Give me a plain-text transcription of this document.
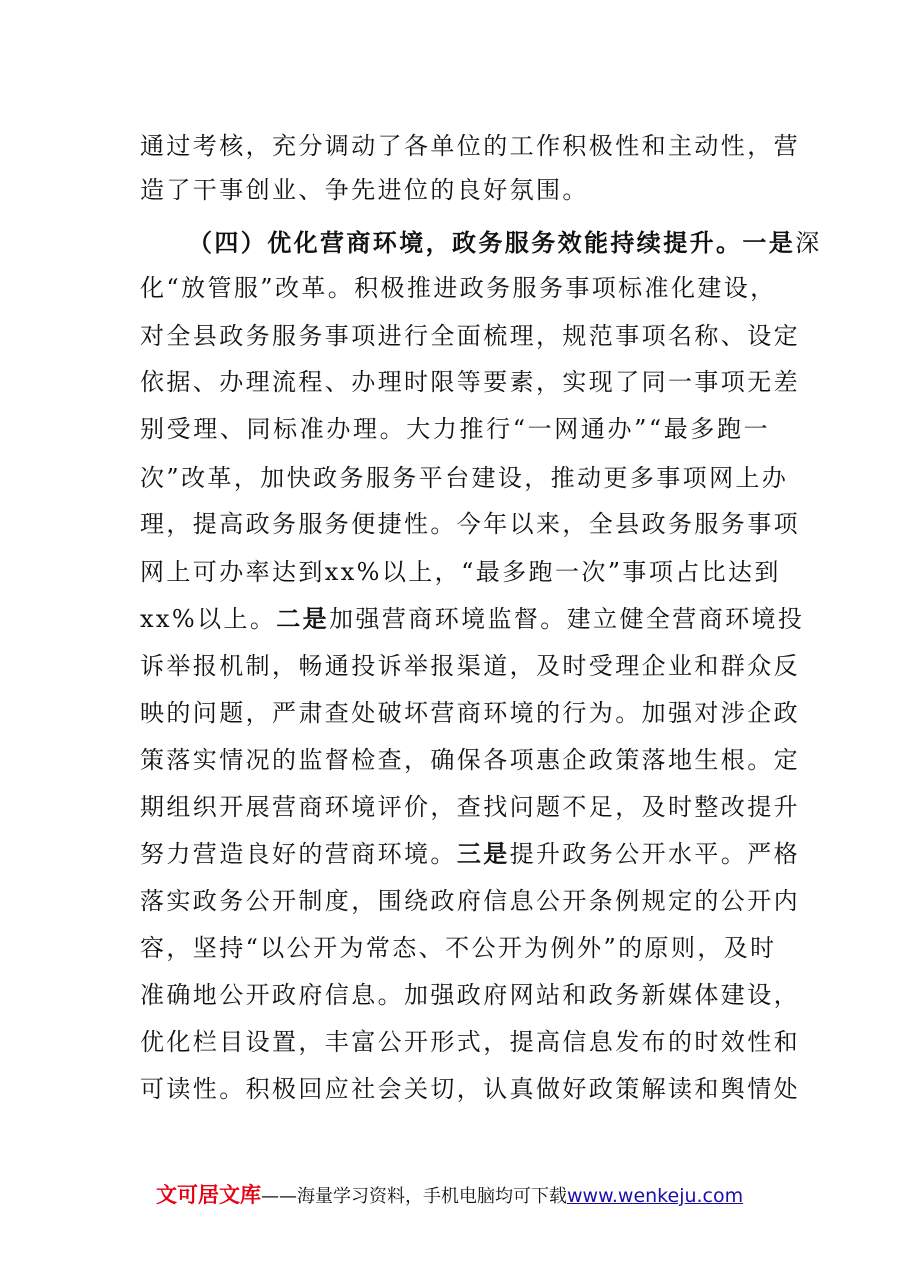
通过考核，充分调动了各单位的工作积极性和主动性，营
造了干事创业、争先进位的良好氛围。
（四）优化营商环境，政务服务效能持续提升。一是深
化“放管服”改革。积极推进政务服务事项标准化建设，
对全县政务服务事项进行全面梳理，规范事项名称、设定
依据、办理流程、办理时限等要素，实现了同一事项无差
别受理、同标准办理。大力推行“一网通办”“最多跑一
次”改革，加快政务服务平台建设，推动更多事项网上办
理，提高政务服务便捷性。今年以来，全县政务服务事项
网上可办率达到xx%以上，“最多跑一次”事项占比达到
xx%以上。二是加强营商环境监督。建立健全营商环境投
诉举报机制，畅通投诉举报渠道，及时受理企业和群众反
映的问题，严肃查处破坏营商环境的行为。加强对涉企政
策落实情况的监督检查，确保各项惠企政策落地生根。定
期组织开展营商环境评价，查找问题不足，及时整改提升
努力营造良好的营商环境。三是提升政务公开水平。严格
落实政务公开制度，围绕政府信息公开条例规定的公开内
容，坚持“以公开为常态、不公开为例外”的原则，及时
准确地公开政府信息。加强政府网站和政务新媒体建设，
优化栏目设置，丰富公开形式，提高信息发布的时效性和
可读性。积极回应社会关切，认真做好政策解读和舆情处
文可居文库——海量学习资料，手机电脑均可下载www.wenkeju.com
